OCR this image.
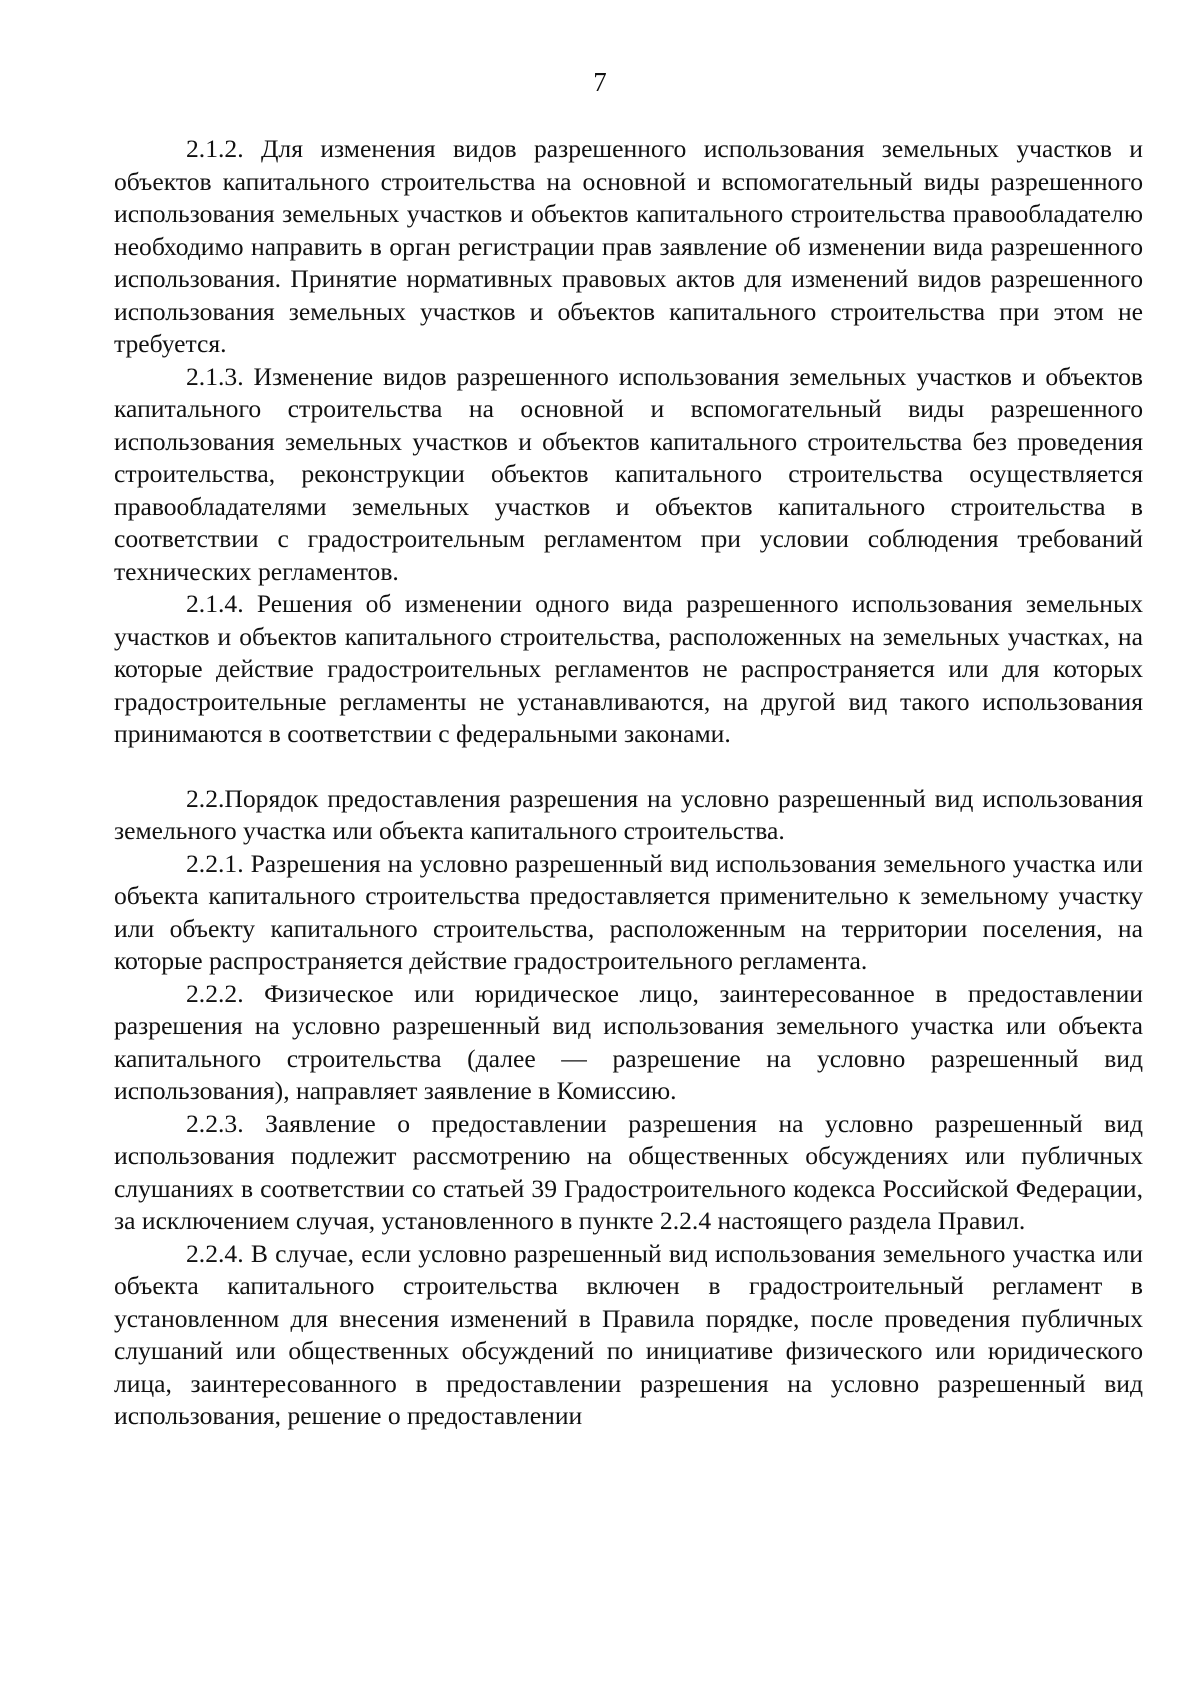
7

2.1.2. Для изменения видов разрешенного использования земельных участков и объектов капитального строительства на основной и вспомогательный виды разрешенного использования земельных участков и объектов капитального строительства правообладателю необходимо направить в орган регистрации прав заявление об изменении вида разрешенного использования. Принятие нормативных правовых актов для изменений видов разрешенного использования земельных участков и объектов капитального строительства при этом не требуется.

2.1.3. Изменение видов разрешенного использования земельных участков и объектов капитального строительства на основной и вспомогательный виды разрешенного использования земельных участков и объектов капитального строительства без проведения строительства, реконструкции объектов капитального строительства осуществляется правообладателями земельных участков и объектов капитального строительства в соответствии с градостроительным регламентом при условии соблюдения требований технических регламентов.

2.1.4. Решения об изменении одного вида разрешенного использования земельных участков и объектов капитального строительства, расположенных на земельных участках, на которые действие градостроительных регламентов не распространяется или для которых градостроительные регламенты не устанавливаются, на другой вид такого использования принимаются в соответствии с федеральными законами.

2.2.Порядок предоставления разрешения на условно разрешенный вид использования земельного участка или объекта капитального строительства.

2.2.1. Разрешения на условно разрешенный вид использования земельного участка или объекта капитального строительства предоставляется применительно к земельному участку или объекту капитального строительства, расположенным на территории поселения, на которые распространяется действие градостроительного регламента.

2.2.2. Физическое или юридическое лицо, заинтересованное в предоставлении разрешения на условно разрешенный вид использования земельного участка или объекта капитального строительства (далее — разрешение на условно разрешенный вид использования), направляет заявление в Комиссию.

2.2.3. Заявление о предоставлении разрешения на условно разрешенный вид использования подлежит рассмотрению на общественных обсуждениях или публичных слушаниях в соответствии со статьей 39 Градостроительного кодекса Российской Федерации, за исключением случая, установленного в пункте 2.2.4 настоящего раздела Правил.

2.2.4. В случае, если условно разрешенный вид использования земельного участка или объекта капитального строительства включен в градостроительный регламент в установленном для внесения изменений в Правила порядке, после проведения публичных слушаний или общественных обсуждений по инициативе физического или юридического лица, заинтересованного в предоставлении разрешения на условно разрешенный вид использования, решение о предоставлении
